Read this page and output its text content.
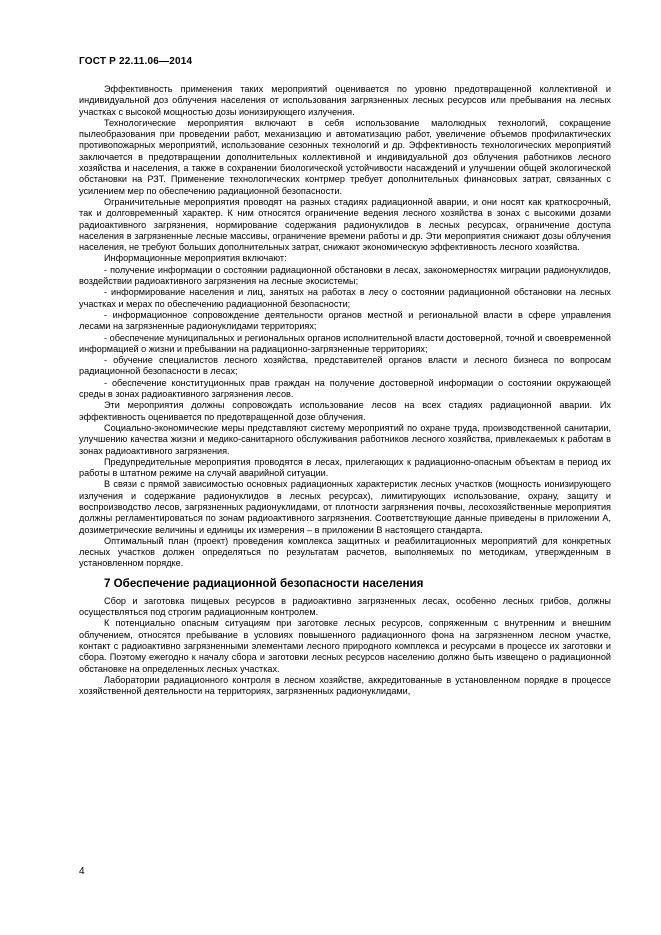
ГОСТ Р 22.11.06—2014

Эффективность применения таких мероприятий оценивается по уровню предотвращенной коллективной и индивидуальной доз облучения населения от использования загрязненных лесных ресурсов или пребывания на лесных участках с высокой мощностью дозы ионизирующего излучения.

Технологические мероприятия включают в себя использование малолюдных технологий, сокращение пылеобразования при проведении работ, механизацию и автоматизацию работ, увеличение объемов профилактических противопожарных мероприятий, использование сезонных технологий и др. Эффективность технологических мероприятий заключается в предотвращении дополнительных коллективной и индивидуальной доз облучения работников лесного хозяйства и населения, а также в сохранении биологической устойчивости насаждений и улучшении общей экологической обстановки на РЗТ. Применение технологических контрмер требует дополнительных финансовых затрат, связанных с усилением мер по обеспечению радиационной безопасности.

Ограничительные мероприятия проводят на разных стадиях радиационной аварии, и они носят как краткосрочный, так и долговременный характер. К ним относятся ограничение ведения лесного хозяйства в зонах с высокими дозами радиоактивного загрязнения, нормирование содержания радионуклидов в лесных ресурсах, ограничение доступа населения в загрязненные лесные массивы, ограничение времени работы и др. Эти мероприятия снижают дозы облучения населения, не требуют больших дополнительных затрат, снижают экономическую эффективность лесного хозяйства.

Информационные мероприятия включают:

- получение информации о состоянии радиационной обстановки в лесах, закономерностях миграции радионуклидов, воздействии радиоактивного загрязнения на лесные экосистемы;

- информирование населения и лиц, занятых на работах в лесу о состоянии радиационной обстановки на лесных участках и мерах по обеспечению радиационной безопасности;

- информационное сопровождение деятельности органов местной и региональной власти в сфере управления лесами на загрязненные радионуклидами территориях;

- обеспечение муниципальных и региональных органов исполнительной власти достоверной, точной и своевременной информацией о жизни и пребывании на радиационно-загрязненные территориях;

- обучение специалистов лесного хозяйства, представителей органов власти и лесного бизнеса по вопросам радиационной безопасности в лесах;

- обеспечение конституционных прав граждан на получение достоверной информации о состоянии окружающей среды в зонах радиоактивного загрязнения лесов.

Эти мероприятия должны сопровождать использование лесов на всех стадиях радиационной аварии. Их эффективность оценивается по предотвращенной дозе облучения.

Социально-экономические меры представляют систему мероприятий по охране труда, производственной санитарии, улучшению качества жизни и медико-санитарного обслуживания работников лесного хозяйства, привлекаемых к работам в зонах радиоактивного загрязнения.

Предупредительные мероприятия проводятся в лесах, прилегающих к радиационно-опасным объектам в период их работы в штатном режиме на случай аварийной ситуации.

В связи с прямой зависимостью основных радиационных характеристик лесных участков (мощность ионизирующего излучения и содержание радионуклидов в лесных ресурсах), лимитирующих использование, охрану, защиту и воспроизводство лесов, загрязненных радионуклидами, от плотности загрязнения почвы, лесохозяйственные мероприятия должны регламентироваться по зонам радиоактивного загрязнения. Соответствующие данные приведены в приложении А, дозиметрические величины и единицы их измерения – в приложении В настоящего стандарта.

Оптимальный план (проект) проведения комплекса защитных и реабилитационных мероприятий для конкретных лесных участков должен определяться по результатам расчетов, выполняемых по методикам, утвержденным в установленном порядке.

7 Обеспечение радиационной безопасности населения

Сбор и заготовка пищевых ресурсов в радиоактивно загрязненных лесах, особенно лесных грибов, должны осуществляться под строгим радиационным контролем.

К потенциально опасным ситуациям при заготовке лесных ресурсов, сопряженным с внутренним и внешним облучением, относятся пребывание в условиях повышенного радиационного фона на загрязненном лесном участке, контакт с радиоактивно загрязненными элементами лесного природного комплекса и ресурсами в процессе их заготовки и сбора. Поэтому ежегодно к началу сбора и заготовки лесных ресурсов населению должно быть извещено о радиационной обстановке на определенных лесных участках.

Лаборатории радиационного контроля в лесном хозяйстве, аккредитованные в установленном порядке в процессе хозяйственной деятельности на территориях, загрязненных радионуклидами,

4
